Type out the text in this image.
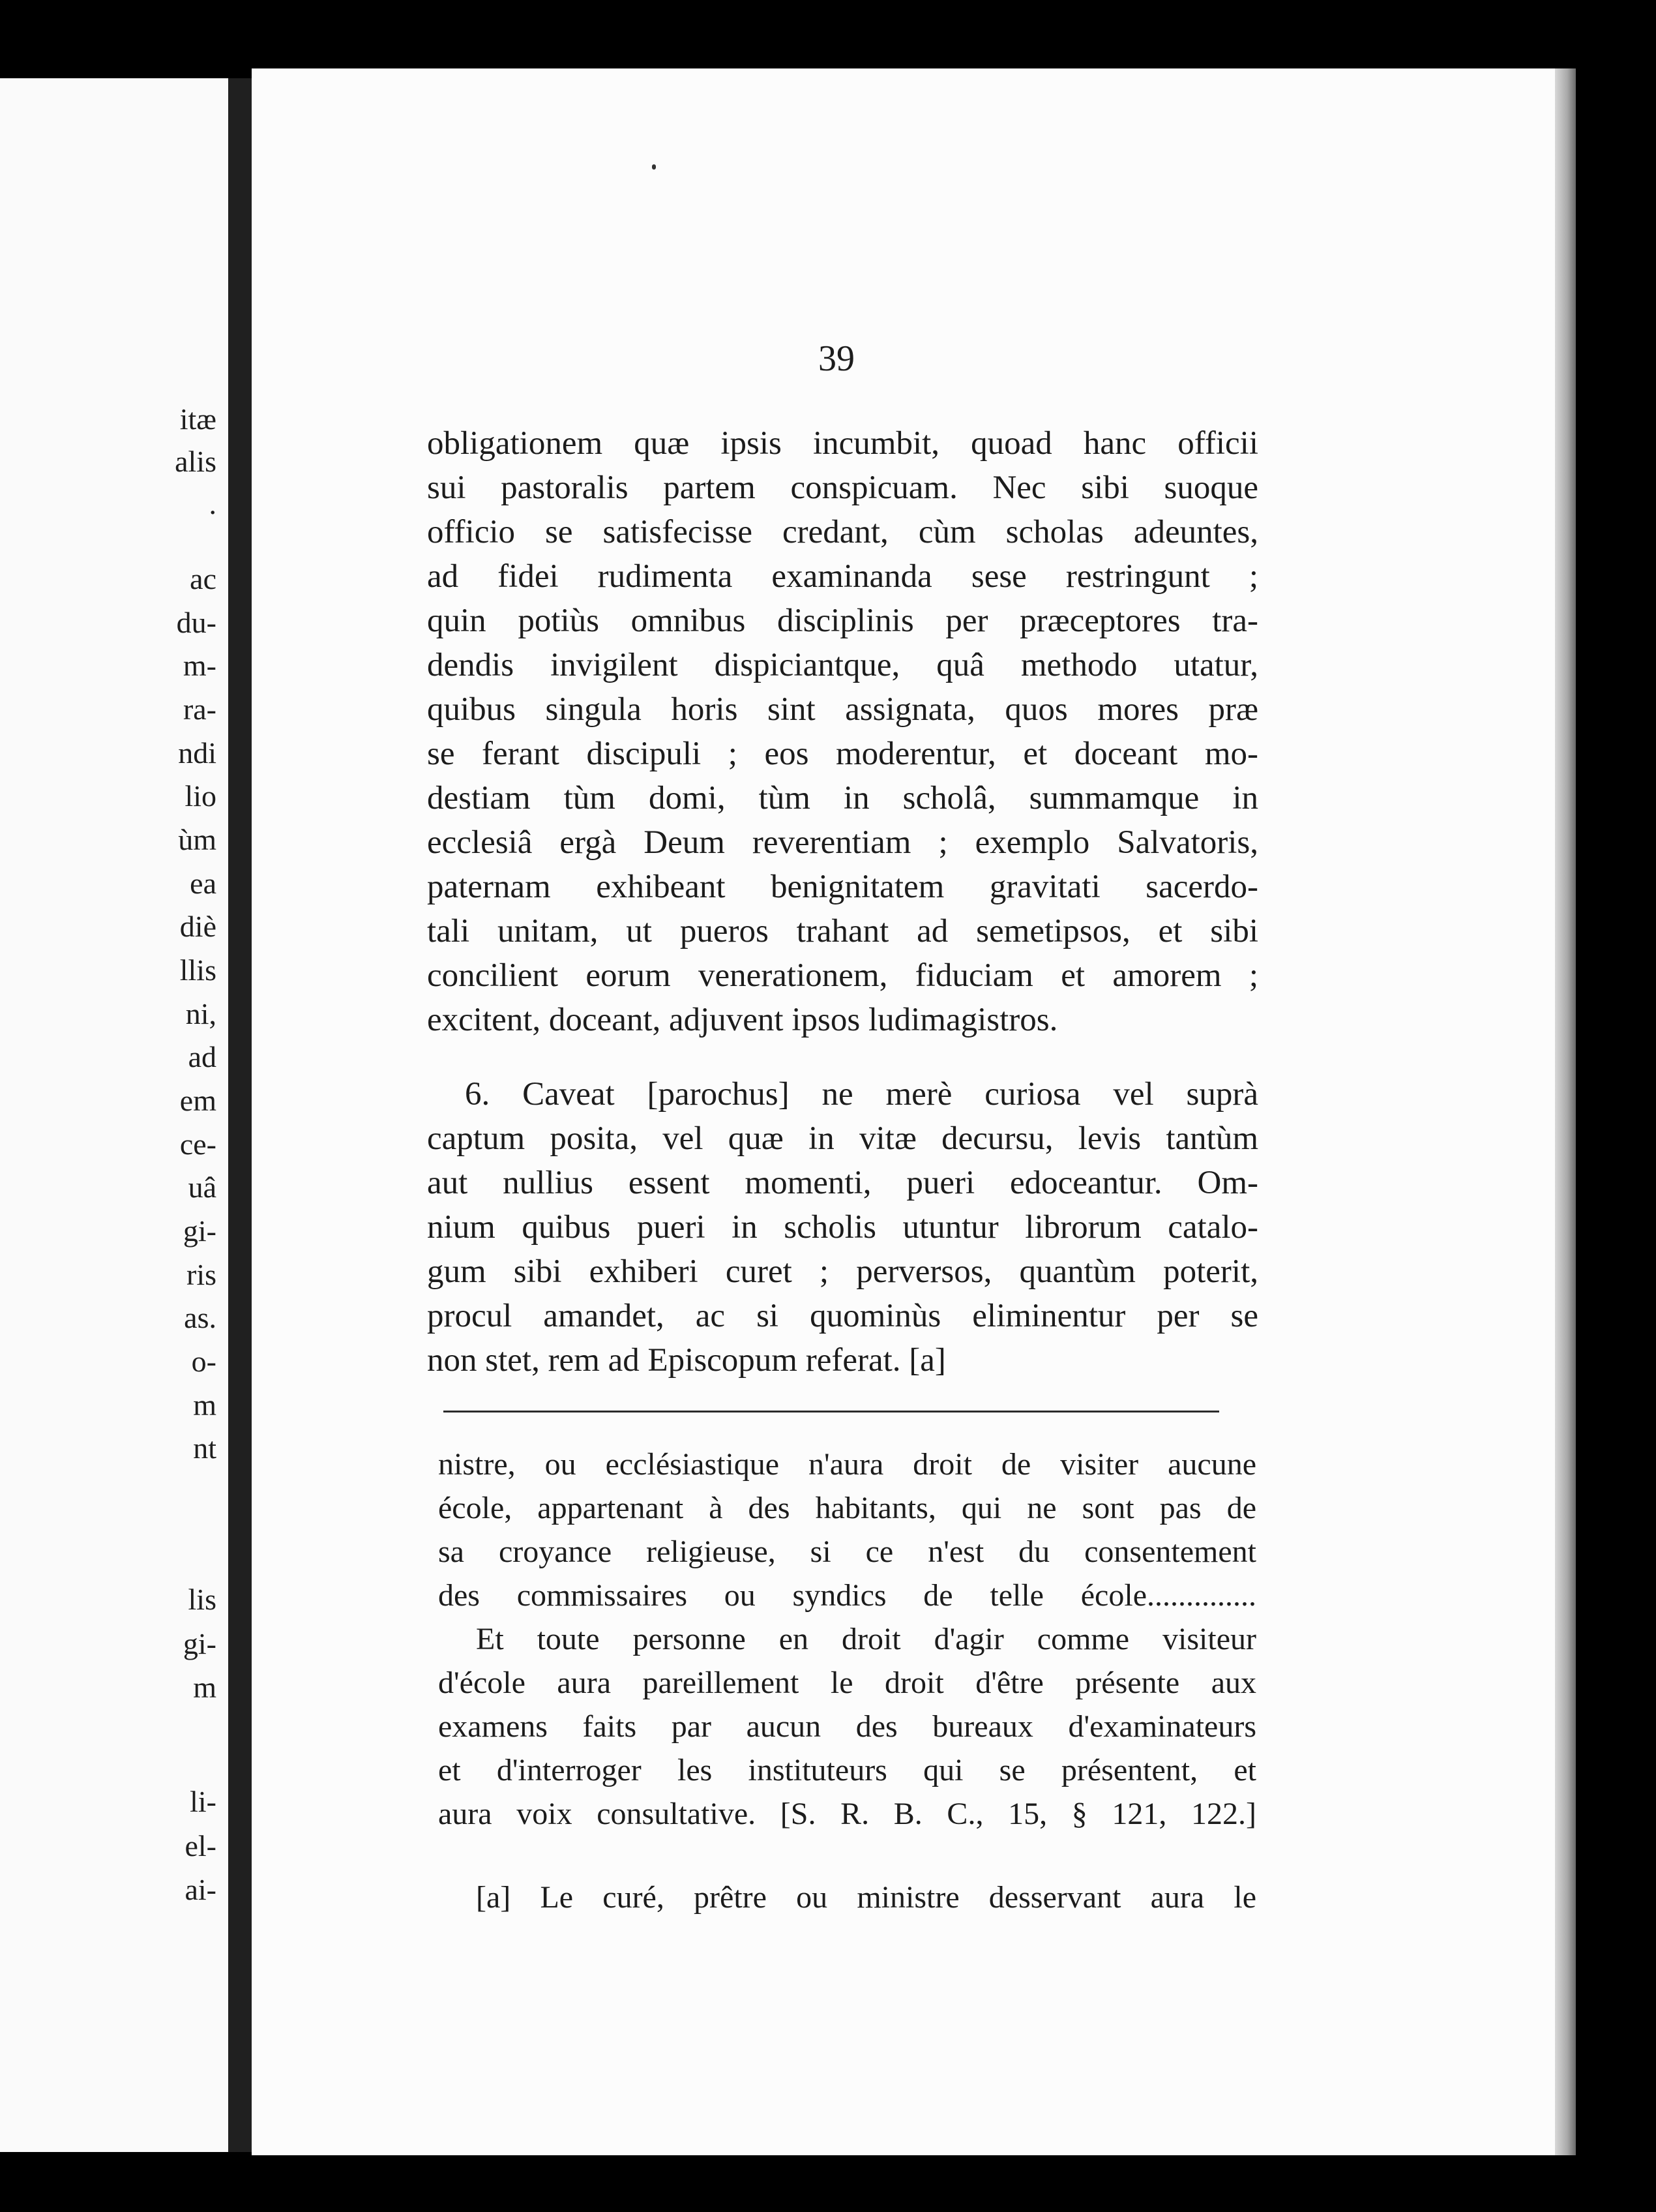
itæ
alis
.
ac
du-
m-
ra-
ndi
lio
ùm
ea
diè
llis
ni,
ad
em
ce-
uâ
gi-
ris
as.
o-
m
nt
lis
gi-
m
li-
el-
ai-
39
obligationem quæ ipsis incumbit, quoad hanc officii
sui pastoralis partem conspicuam. Nec sibi suoque
officio se satisfecisse credant, cùm scholas adeuntes,
ad fidei rudimenta examinanda sese restringunt ;
quin potiùs omnibus disciplinis per præceptores tra-
dendis invigilent dispiciantque, quâ methodo utatur,
quibus singula horis sint assignata, quos mores præ
se ferant discipuli ; eos moderentur, et doceant mo-
destiam tùm domi, tùm in scholâ, summamque in
ecclesiâ ergà Deum reverentiam ; exemplo Salvatoris,
paternam exhibeant benignitatem gravitati sacerdo-
tali unitam, ut pueros trahant ad semetipsos, et sibi
concilient eorum venerationem, fiduciam et amorem ;
excitent, doceant, adjuvent ipsos ludimagistros.
6. Caveat [parochus] ne merè curiosa vel suprà
captum posita, vel quæ in vitæ decursu, levis tantùm
aut nullius essent momenti, pueri edoceantur. Om-
nium quibus pueri in scholis utuntur librorum catalo-
gum sibi exhiberi curet ; perversos, quantùm poterit,
procul amandet, ac si quominùs eliminentur per se
non stet, rem ad Episcopum referat. [a]
nistre, ou ecclésiastique n'aura droit de visiter aucune
école, appartenant à des habitants, qui ne sont pas de
sa croyance religieuse, si ce n'est du consentement
des commissaires ou syndics de telle école..............
Et toute personne en droit d'agir comme visiteur
d'école aura pareillement le droit d'être présente aux
examens faits par aucun des bureaux d'examinateurs
et d'interroger les instituteurs qui se présentent, et
aura voix consultative. [S. R. B. C., 15, § 121, 122.]
[a] Le curé, prêtre ou ministre desservant aura le
